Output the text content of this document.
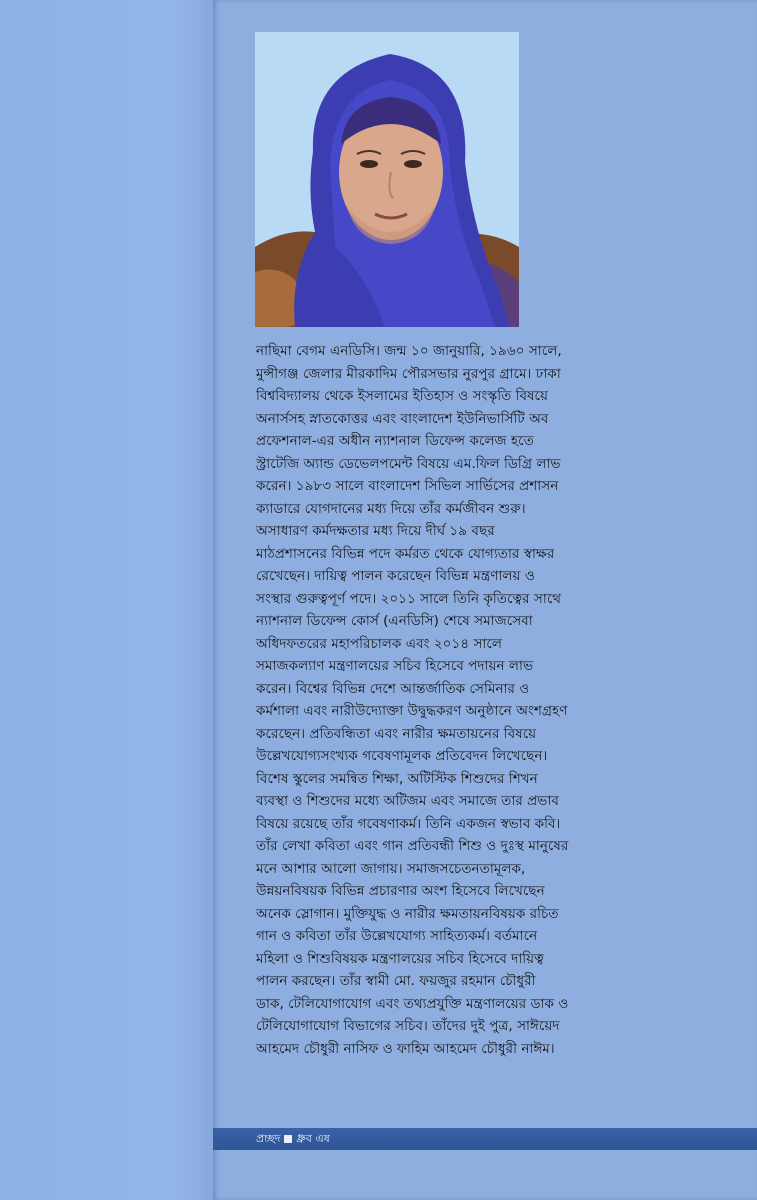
নাছিমা বেগম এনডিসি। জন্ম ১০ জানুয়ারি, ১৯৬০ সালে,
মুন্সীগঞ্জ জেলার মীরকাদিম পৌরসভার নুরপুর গ্রামে। ঢাকা
বিশ্ববিদ্যালয় থেকে ইসলামের ইতিহাস ও সংস্কৃতি বিষয়ে
অনার্সসহ স্নাতকোত্তর এবং বাংলাদেশ ইউনিভার্সিটি অব
প্রফেশনাল-এর অধীন ন্যাশনাল ডিফেন্স কলেজ হতে
স্ট্রাটেজি অ্যান্ড ডেভেলপমেন্ট বিষয়ে এম.ফিল ডিগ্রি লাভ
করেন। ১৯৮৩ সালে বাংলাদেশ সিভিল সার্ভিসের প্রশাসন
ক্যাডারে যোগদানের মধ্য দিয়ে তাঁর কর্মজীবন শুরু।
অসাধারণ কর্মদক্ষতার মধ্য দিয়ে দীর্ঘ ১৯ বছর
মাঠপ্রশাসনের বিভিন্ন পদে কর্মরত থেকে যোগ্যতার স্বাক্ষর
রেখেছেন। দায়িত্ব পালন করেছেন বিভিন্ন মন্ত্রণালয় ও
সংস্থার গুরুত্বপূর্ণ পদে। ২০১১ সালে তিনি কৃতিত্বের সাথে
ন্যাশনাল ডিফেন্স কোর্স (এনডিসি) শেষে সমাজসেবা
অধিদফতরের মহাপরিচালক এবং ২০১৪ সালে
সমাজকল্যাণ মন্ত্রণালয়ের সচিব হিসেবে পদায়ন লাভ
করেন। বিশ্বের বিভিন্ন দেশে আন্তর্জাতিক সেমিনার ও
কর্মশালা এবং নারীউদ্যোক্তা উদ্বুদ্ধকরণ অনুষ্ঠানে অংশগ্রহণ
করেছেন। প্রতিবন্ধিতা এবং নারীর ক্ষমতায়নের বিষয়ে
উল্লেখযোগ্যসংখ্যক গবেষণামূলক প্রতিবেদন লিখেছেন।
বিশেষ স্কুলের সমন্বিত শিক্ষা, অটিস্টিক শিশুদের শিখন
ব্যবস্থা ও শিশুদের মধ্যে অটিজম এবং সমাজে তার প্রভাব
বিষয়ে রয়েছে তাঁর গবেষণাকর্ম। তিনি একজন স্বভাব কবি।
তাঁর লেখা কবিতা এবং গান প্রতিবন্ধী শিশু ও দুঃস্থ মানুষের
মনে আশার আলো জাগায়। সমাজসচেতনতামূলক,
উন্নয়নবিষয়ক বিভিন্ন প্রচারণার অংশ হিসেবে লিখেছেন
অনেক স্লোগান। মুক্তিযুদ্ধ ও নারীর ক্ষমতায়নবিষয়ক রচিত
গান ও কবিতা তাঁর উল্লেখযোগ্য সাহিত্যকর্ম। বর্তমানে
মহিলা ও শিশুবিষয়ক মন্ত্রণালয়ের সচিব হিসেবে দায়িত্ব
পালন করছেন। তাঁর স্বামী মো. ফয়জুর রহমান চৌধুরী
ডাক, টেলিযোগাযোগ এবং তথ্যপ্রযুক্তি মন্ত্রণালয়ের ডাক ও
টেলিযোগাযোগ বিভাগের সচিব। তাঁদের দুই পুত্র, সাঈয়েদ
আহমেদ চৌধুরী নাসিফ ও ফাহিম আহমেদ চৌধুরী নাঈম।
প্রচ্ছদ ধ্রুব এষ
